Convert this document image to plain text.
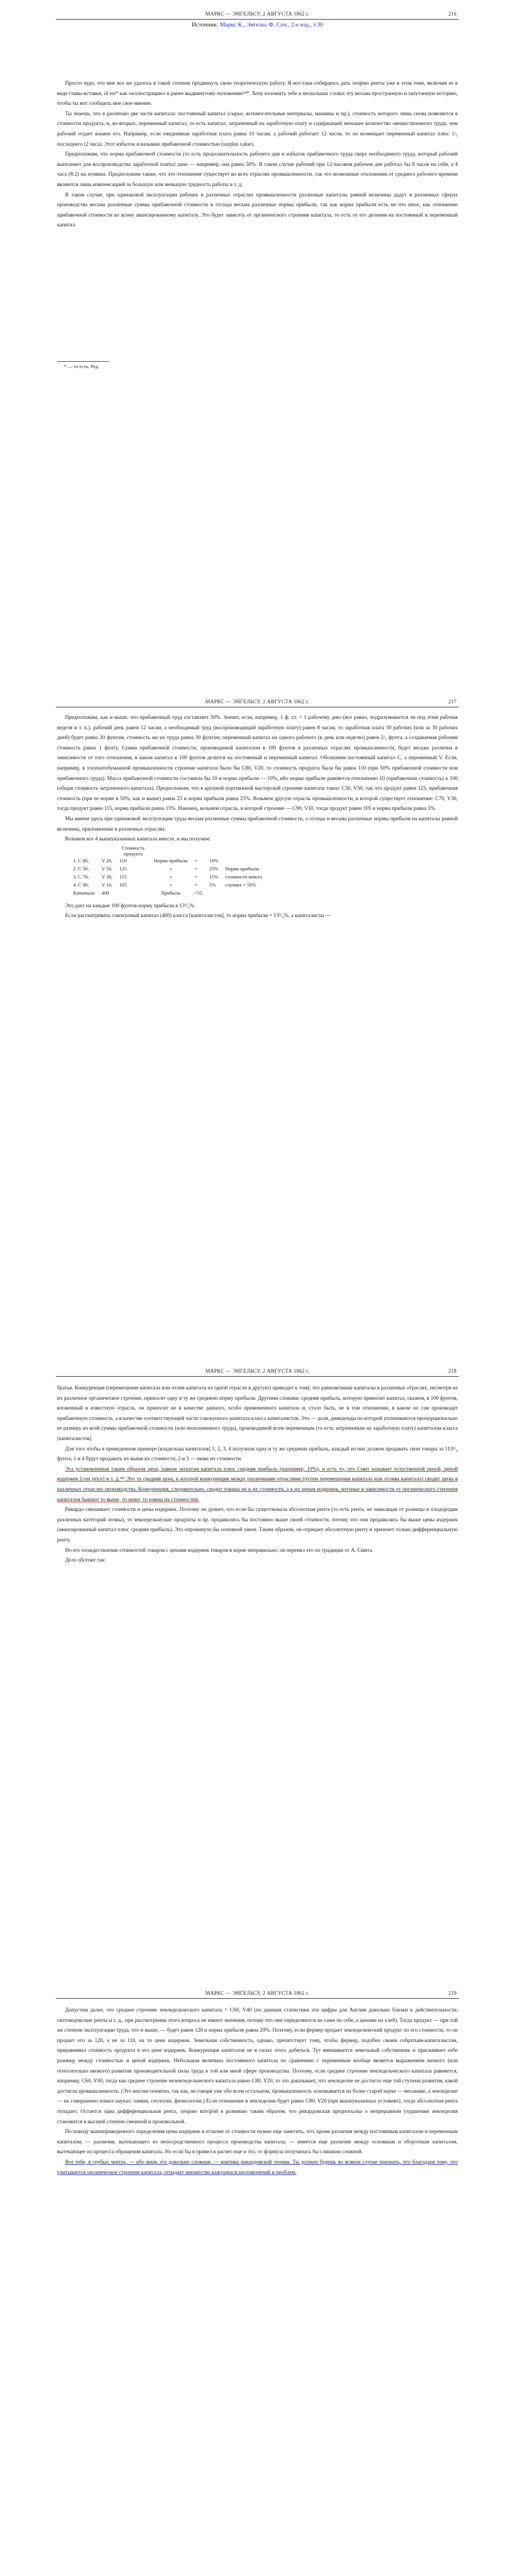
МАРКС — ЭНГЕЛЬСУ, 2 АВГУСТА 1862 г.	216
Источник: Маркс К., Энгельс Ф. Соч., 2-е изд., т.30

Просто чудо, что мне все же удалось в такой степени продвинуть свою теоретическую работу. Я все-таки собираюсь дать теорию ренты уже в этом томе, включив ее в виде главы-вставки, id est* как «иллюстрацию» к ранее выдвинутому положению³⁴⁰. Хочу изложить тебе в нескольких словах эту весьма пространную и запутанную историю, чтобы ты мог сообщить мне свое мнение.

Ты знаешь, что я различаю две части капитала: постоянный капитал (сырье, вспомогательные материалы, машины и пр.), стоимость которого лишь снова появляется в стоимости продукта, и, во-вторых, переменный капитал, то есть капитал, затраченный на заработную плату и содержащий меньшее количество овеществленного труда, чем рабочий отдает взамен его. Например, если ежедневная заработная плата равна 10 часам, а рабочий работает 12 часов, то он возмещает переменный капитал плюс 1/₅ последнего (2 часа). Этот избыток я называю прибавочной стоимостью (surplus value).

Предположим, что норма прибавочной стоимости (то есть продолжительность рабочего дня и избыток прибавочного труда сверх необходимого труда, который рабочий выполняет для воспроизводства заработной платы) дана — например, она равна 50%. В таком случае рабочий при 12-часовом рабочем дне работал бы 8 часов на себя, а 4 часа (8:2) на хозяина. Предположим также, что это отношение существует во всех отраслях промышленности, так что возможные отклонения от среднего рабочего времени являются лишь компенсацией за большую или меньшую трудность работы и т. д.

В таком случае, при одинаковой эксплуатации рабочих в различных отраслях промышленности различные капиталы равной величины дадут в различных сферах производства весьма различные суммы прибавочной стоимости и отсюда весьма различные нормы прибыли, так как норма прибыли есть не что иное, как отношение прибавочной стоимости ко всему авансированному капиталу. Это будет зависеть от органического строения капитала, то есть от его деления на постоянный и переменный капитал.

* — то есть. Ред.
МАРКС — ЭНГЕЛЬСУ, 2 АВГУСТА 1862 г.	217

Предположим, как и выше, что прибавочный труд составляет 50%. Значит, если, например, 1 ф. ст. = 1 рабочему дню (все равно, подразумевается ли под этим рабочая неделя и т. п.), рабочий день равен 12 часам, а необходимый труд (воспроизводящий заработную плату) равен 8 часам, то заработная плата 30 рабочих (или за 30 рабочих дней) будет равна 20 фунтам, стоимость же их труда равна 30 фунтам; переменный капитал на одного рабочего (в день или неделю) равен 2/₃ фунта, а создаваемая рабочим стоимость равна 1 фунту. Сумма прибавочной стоимости, производимой капиталом в 100 фунтов в различных отраслях промышленности, будет весьма различна в зависимости от того отношения, в каком капитал в 100 фунтов делится на постоянный и переменный капитал. Обозначим постоянный капитал С, а переменный V. Если, например, в хлопчатобумажной промышленности строение капитала было бы С80, V20, то стоимость продукта была бы равна 110 (при 50% прибавочной стоимости или прибавочного труда). Масса прибавочной стоимости составила бы 10 и норма прибыли — 10%, ибо норма прибыли равняется отношению 10 (прибавочная стоимость) к 100 (общая стоимость затраченного капитала). Предположим, что в крупной портняжной мастерской строение капитала такое: С50, V50, так что продукт равен 125, прибавочная стоимость (при ее норме в 50%, как и выше) равна 25 и норма прибыли равна 25%. Возьмем другую отрасль промышленности, в которой существует отношение: С70, V30, тогда продукт равен 115, норма прибыли равна 15%. Наконец, возьмем отрасль, в которой строение — С90, V10, тогда продукт равен 105 и норма прибыли равна 5%.

Мы имеем здесь при одинаковой эксплуатации труда весьма различные суммы прибавочной стоимости, а отсюда и весьма различные нормы прибыли на капиталы равной величины, приложенные в различных отраслях.

Возьмем все 4 вышеуказанных капитала вместе, и мы получим:

		Стоимость продукта				
1. С 80,	V 20,	110	Норма прибыли	=	10%	
2. С 50,	V 50,	125	»	=	25%	Норма прибыли
3. С 70,	V 30,	115	»	=	15%	стоимости вовсех
4. С 90,	V 10,	105	»	=	5%	случаях = 50%
Капитала	400		Прибыль	=55		

Это дает на каждые 100 фунтов норму прибыли в 13³/₄%.

Если рассматривать совокупный капитал (400) класса [капиталистов], то норма прибыли = 13³/₄%, а капиталисты —

МАРКС — ЭНГЕЛЬСУ, 2 АВГУСТА 1862 г.	218

братья. Конкуренция (перемещение капитала или отлив капитала из одной отрасли в другую) приводит к тому, что равновеликие капиталы в различных отраслях, несмотря на их различное органическое строение, приносят одну и ту же среднюю норму прибыли. Другими словами: средняя прибыль, которую приносит капитал, скажем, в 100 фунтов, вложенный в известную отрасль, он приносит не в качестве данного, особо примененного капитала и, стало быть, не в том отношении, в каком он сам производит прибавочную стоимость, а в качестве соответствующей части совокупного капитала класса капиталистов. Это — доля, дивиденды по которой уплачиваются пропорционально ее размеру из всей суммы прибавочной стоимости (или неоплаченного труда), производимой всем переменным (то есть затраченным на заработную плату) капиталом класса [капиталистов].

Для того чтобы в приведенном примере [владельцы капиталов] 1, 2, 3, 4 получили одну и ту же среднюю прибыль, каждый из них должен продавать свои товары за 113³/₄ фунта; 1 и 4 будут продавать их выше их стоимости, 2 и 3 — ниже их стоимости.

Эта установленная таким образом цена, равная затратам капитала плюс средняя прибыль (например, 10%), и есть то, что Смит называет естественной ценой, ценой издержек [cost price] и т. д.³⁴¹ Это та средняя цена, к которой конкуренция между различными отраслями (путем перемещения капитала или отлива капитала) сводит цены в различных отраслях производства. Конкуренция, следовательно, сводит товары не к их стоимости, а к их ценам издержек, которые в зависимости от органического строения капиталов бывают то выше, то ниже, то равны их стоимостям.

Рикардо смешивает стоимости и цены издержек. Поэтому он думает, что если бы существовала абсолютная рента (то есть рента, не зависящая от разницы в плодородии различных категорий почвы), то земледельческие продукты и пр. продавались бы постоянно выше своей стоимости, потому что они продавались бы выше цены издержек (авансированный капитал плюс средняя прибыль). Это опрокинуло бы основной закон. Таким образом, он отрицает абсолютную ренту и признает только дифференциальную ренту.

Но его отождествление стоимостей товаров с ценами издержек товаров в корне неправильно; он перенял это по традиции от А. Смита.

Дело обстоит так:

МАРКС — ЭНГЕЛЬСУ, 2 АВГУСТА 1862 г.	219

Допустим далее, что среднее строение земледельческого капитала = С60, V40 (по данным статистики эти цифры для Англии довольно близки к действительности; скотоводческие ренты и т. д., при рассмотрении этого вопроса не имеют значения, потому что они определяются не сами по себе, а ценами на хлеб). Тогда продукт — при той же степени эксплуатации труда, что и выше, — будет равен 120 и норма прибыли равна 20%. Поэтому, если фермер продает земледельческий продукт по его стоимости, то он продает его за 120, а не за 110, на то цене издержек. Земельная собственность, однако, препятствует тому, чтобы фермер, подобно своим собратьям-капиталистам, приравнивал стоимость продукта к его цене издержек. Конкуренция капиталов не в силах этого добиться. Тут вмешивается земельный собственник и присваивает себе разницу между стоимостью и ценой издержек. Небольшая величина постоянного капитала по сравнению с переменным вообще является выражением низкого (или относительно низкого) развития производительной силы труда в той или иной сфере производства. Поэтому, если среднее строение земледельческого капитала равняется, например, С60, V40, тогда как среднее строение неземледельческого капитала равно С80, V20, то это доказывает, что земледелие не достигло еще той ступени развития, какой достигла промышленность. (Это вполне понятно, так как, не говоря уже обо всем остальном, промышленность основывается на более старой науке — механике, а земледелие — на совершенно новых науках: химии, геологии, физиологии.) Если отношение в земледелии будет равно С80, V20 (при вышеуказанных условиях), тогда абсолютная рента отпадает. Остается одна дифференциальная рента, теорию которой я развиваю таким образом, что рикардовская предпосылка о непрерывном ухудшении земледелия становится в высшей степени смешной и произвольной.

По поводу вышеприведенного определения цены издержек в отличие от стоимости нужно еще заметить, что, кроме различия между постоянным капиталом и переменным капиталом, — различия, вытекающего из непосредственного процесса производства капитала, — имеется еще различие между основным и оборотным капиталом, вытекающее из процесса обращения капитала. Но если бы я привел в расчет еще и это, то формула получилась бы слишком сложной.

Вот тебе, в грубых чертах, — ибо вещь эта довольно сложная, — критика рикардовской теории. Ты должен будешь во всяком случае признать, что благодаря тому, что учитывается органическое строение капитала, отпадает множество кажущихся противоречий и проблем.
